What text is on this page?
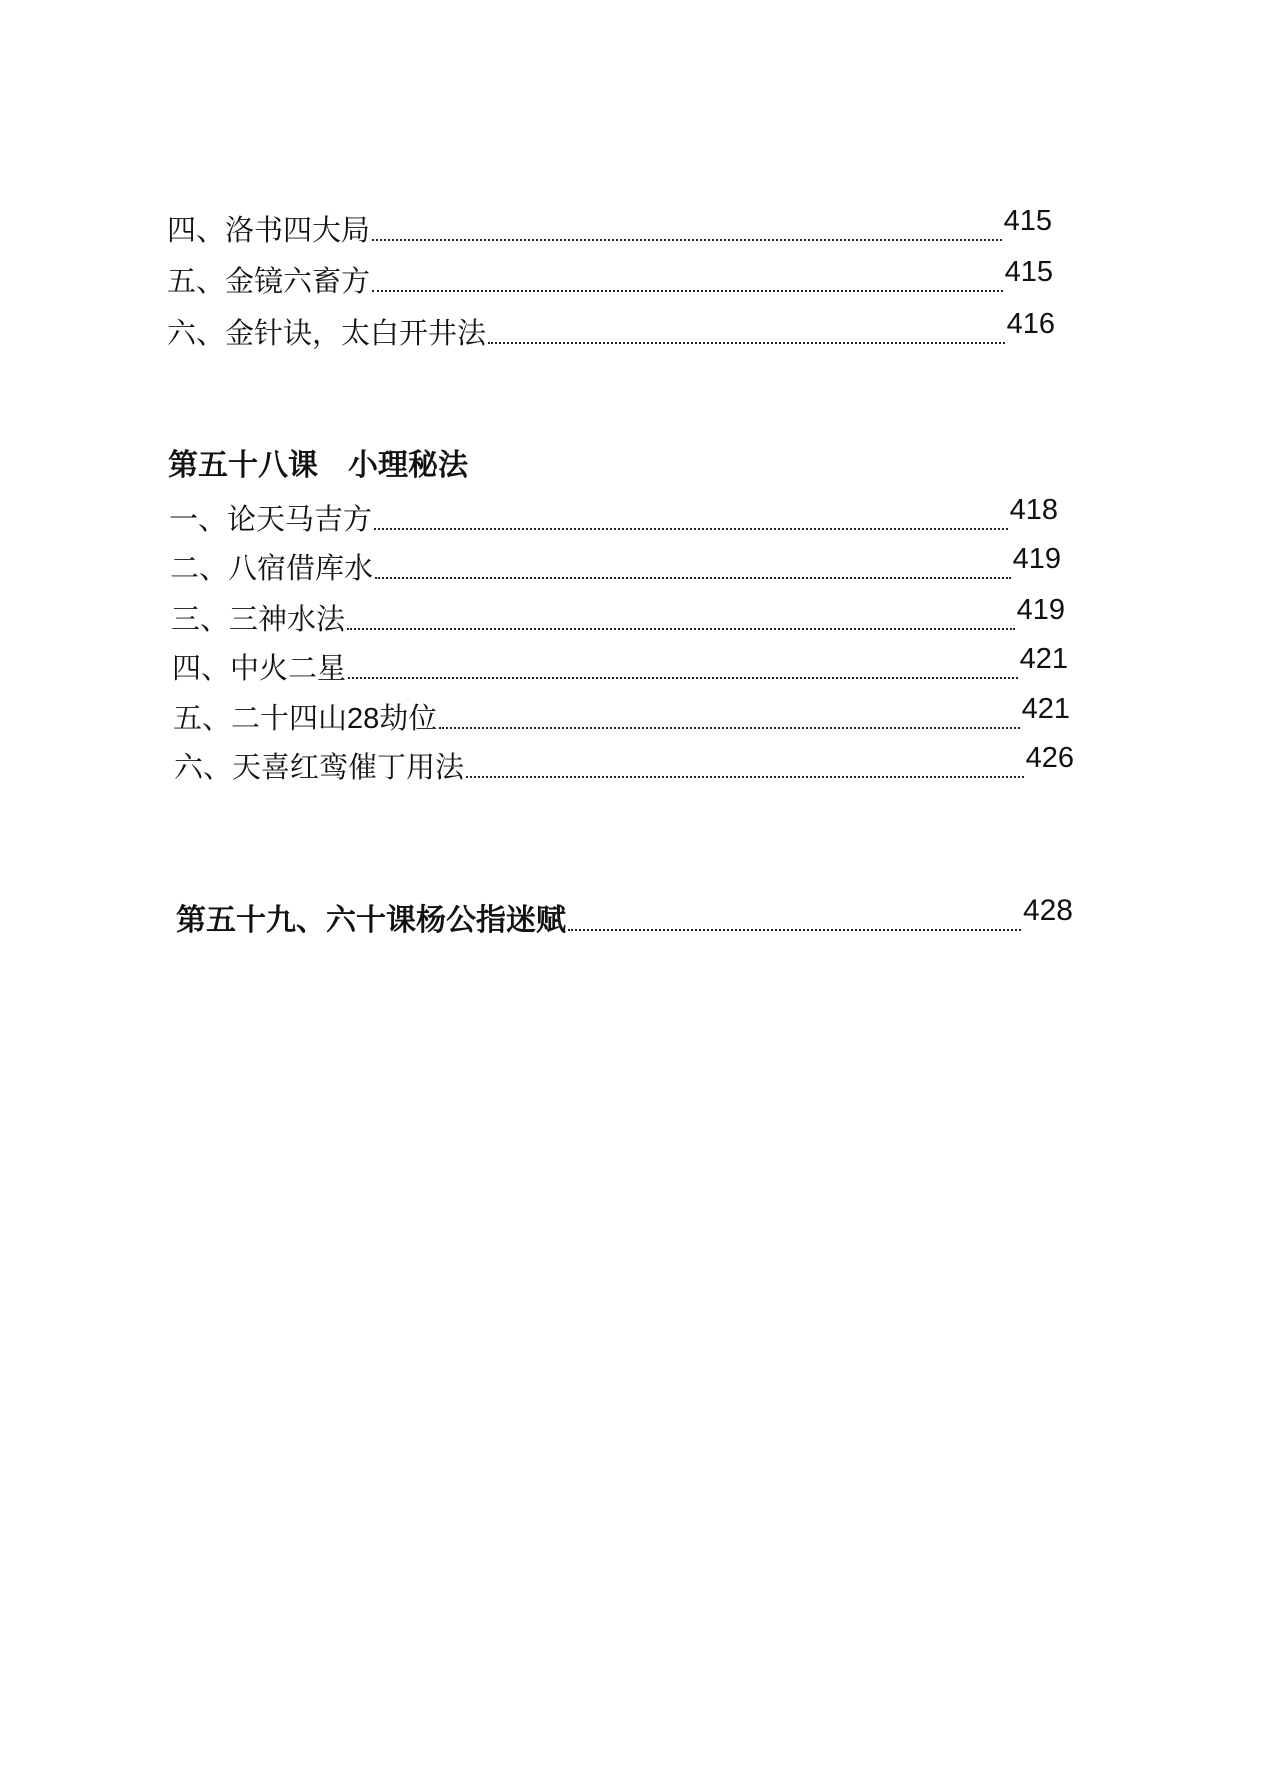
四、洛书四大局	415
五、金镜六畜方	415
六、金针诀，太白开井法	416
第五十八课　小理秘法
一、论天马吉方	418
二、八宿借库水	419
三、三神水法	419
四、中火二星	421
五、二十四山28劫位	421
六、天喜红鸾催丁用法	426
第五十九、六十课杨公指迷赋	428
